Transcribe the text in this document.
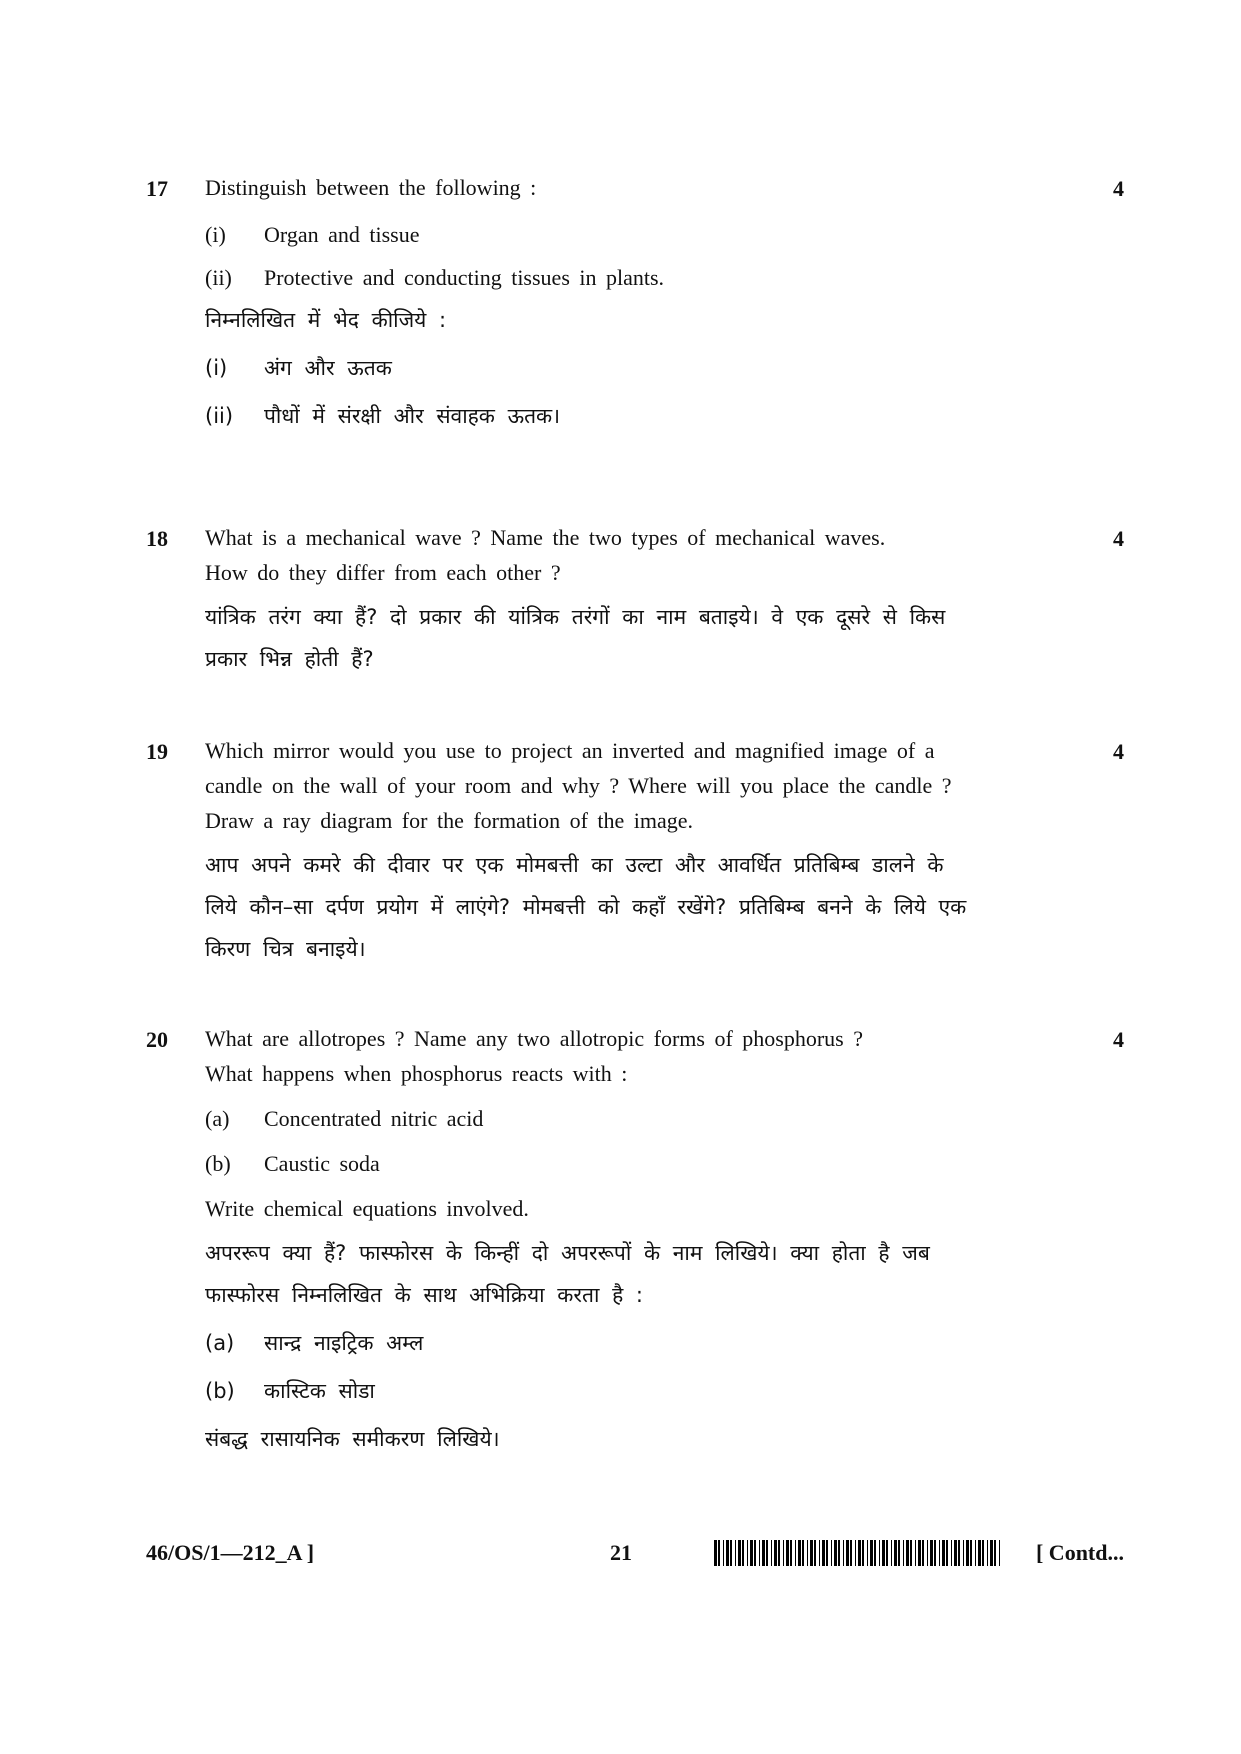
17	4

Distinguish between the following :

(i)	Organ and tissue
(ii)	Protective and conducting tissues in plants.

निम्नलिखित में भेद कीजिये :

(i)	अंग और ऊतक
(ii)	पौधों में संरक्षी और संवाहक ऊतक।
18	4

What is a mechanical wave ? Name the two types of mechanical waves.

How do they differ from each other ?

यांत्रिक तरंग क्या हैं? दो प्रकार की यांत्रिक तरंगों का नाम बताइये। वे एक दूसरे से किस

प्रकार भिन्न होती हैं?

19	4

Which mirror would you use to project an inverted and magnified image of a

candle on the wall of your room and why ? Where will you place the candle ?

Draw a ray diagram for the formation of the image.

आप अपने कमरे की दीवार पर एक मोमबत्ती का उल्टा और आवर्धित प्रतिबिम्ब डालने के

लिये कौन–सा दर्पण प्रयोग में लाएंगे? मोमबत्ती को कहाँ रखेंगे? प्रतिबिम्ब बनने के लिये एक

किरण चित्र बनाइये।

20	4

What are allotropes ? Name any two allotropic forms of phosphorus ?

What happens when phosphorus reacts with :

(a)	Concentrated nitric acid
(b)	Caustic soda

Write chemical equations involved.

अपररूप क्या हैं? फास्फोरस के किन्हीं दो अपररूपों के नाम लिखिये। क्या होता है जब

फास्फोरस निम्नलिखित के साथ अभिक्रिया करता है :

(a)	सान्द्र नाइट्रिक अम्ल
(b)	कास्टिक सोडा

संबद्ध रासायनिक समीकरण लिखिये।

46/OS/1—212_A ]	21	[ Contd...
